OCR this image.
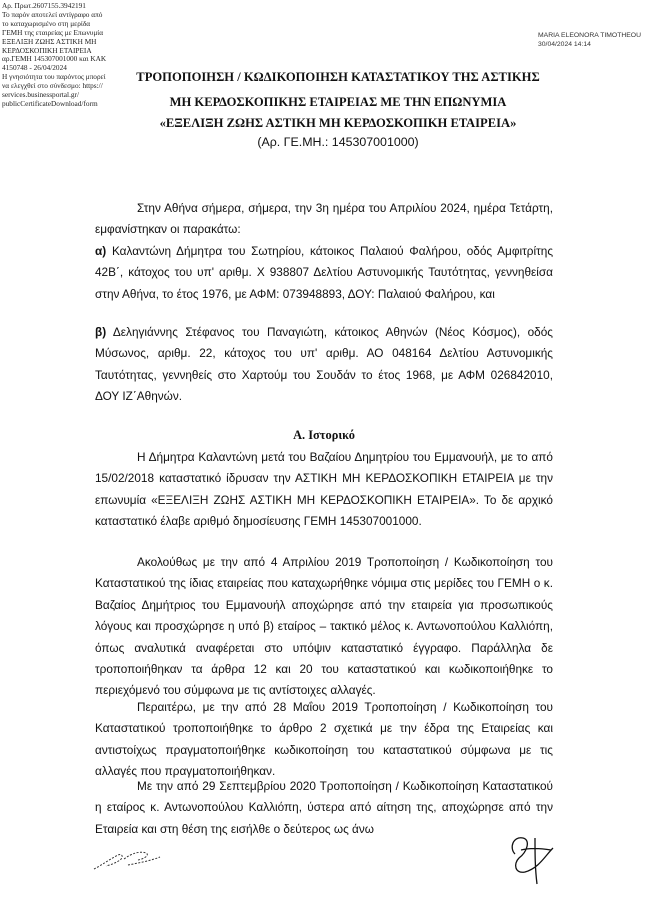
Αρ. Πρωτ.2607155.3942191
Το παρόν αποτελεί αντίγραφο από
το καταχωρισμένο στη μερίδα
ΓΕΜΗ της εταιρείας με Επωνυμία
ΕΞΕΛΙΞΗ ΖΩΗΣ ΑΣΤΙΚΗ ΜΗ
ΚΕΡΔΟΣΚΟΠΙΚΗ ΕΤΑΙΡΕΙΑ
αρ.ΓΕΜΗ 145307001000 και ΚΑΚ
4150748 - 26/04/2024
Η γνησιότητα του παρόντος μπορεί
να ελεγχθεί στο σύνδεσμο: https://
services.businessportal.gr/
publicCertificateDownload/form
MARIA ELEONORA TIMOTHEOU
30/04/2024 14:14
ΤΡΟΠΟΠΟΙΗΣΗ / ΚΩΔΙΚΟΠΟΙΗΣΗ ΚΑΤΑΣΤΑΤΙΚΟΥ ΤΗΣ ΑΣΤΙΚΗΣ
ΜΗ ΚΕΡΔΟΣΚΟΠΙΚΗΣ ΕΤΑΙΡΕΙΑΣ ΜΕ ΤΗΝ ΕΠΩΝΥΜΙΑ
«ΕΞΕΛΙΞΗ ΖΩΗΣ ΑΣΤΙΚΗ ΜΗ ΚΕΡΔΟΣΚΟΠΙΚΗ ΕΤΑΙΡΕΙΑ»
(Αρ. ΓΕ.ΜΗ.: 145307001000)
Στην Αθήνα σήμερα, σήμερα, την 3η ημέρα του Απριλίου 2024, ημέρα Τετάρτη, εμφανίστηκαν οι παρακάτω:
α) Καλαντώνη Δήμητρα του Σωτηρίου, κάτοικος Παλαιού Φαλήρου, οδός Αμφιτρίτης 42Β΄, κάτοχος του υπ' αριθμ. Χ 938807 Δελτίου Αστυνομικής Ταυτότητας, γεννηθείσα στην Αθήνα, το έτος 1976, με ΑΦΜ: 073948893, ΔΟΥ: Παλαιού Φαλήρου, και
β) Δεληγιάννης Στέφανος του Παναγιώτη, κάτοικος Αθηνών (Νέος Κόσμος), οδός Μύσωνος, αριθμ. 22, κάτοχος του υπ' αριθμ. ΑΟ 048164 Δελτίου Αστυνομικής Ταυτότητας, γεννηθείς στο Χαρτούμ του Σουδάν το έτος 1968, με ΑΦΜ 026842010, ΔΟΥ ΙΖ΄Αθηνών.
Α. Ιστορικό
Η Δήμητρα Καλαντώνη μετά του Βαζαίου Δημητρίου του Εμμανουήλ, με το από 15/02/2018 καταστατικό ίδρυσαν την ΑΣΤΙΚΗ ΜΗ ΚΕΡΔΟΣΚΟΠΙΚΗ ΕΤΑΙΡΕΙΑ με την επωνυμία «ΕΞΕΛΙΞΗ ΖΩΗΣ ΑΣΤΙΚΗ ΜΗ ΚΕΡΔΟΣΚΟΠΙΚΗ ΕΤΑΙΡΕΙΑ». Το δε αρχικό καταστατικό έλαβε αριθμό δημοσίευσης ΓΕΜΗ 145307001000.
Ακολούθως με την από 4 Απριλίου 2019 Τροποποίηση / Κωδικοποίηση του Καταστατικού της ίδιας εταιρείας που καταχωρήθηκε νόμιμα στις μερίδες του ΓΕΜΗ ο κ. Βαζαίος Δημήτριος του Εμμανουήλ αποχώρησε από την εταιρεία για προσωπικούς λόγους και προσχώρησε η υπό β) εταίρος – τακτικό μέλος κ. Αντωνοπούλου Καλλιόπη, όπως αναλυτικά αναφέρεται στο υπόψιν καταστατικό έγγραφο. Παράλληλα δε τροποποιήθηκαν τα άρθρα 12 και 20 του καταστατικού και κωδικοποιήθηκε το περιεχόμενό του σύμφωνα με τις αντίστοιχες αλλαγές.
Περαιτέρω, με την από 28 Μαΐου 2019 Τροποποίηση / Κωδικοποίηση του Καταστατικού τροποποιήθηκε το άρθρο 2 σχετικά με την έδρα της Εταιρείας και αντιστοίχως πραγματοποιήθηκε κωδικοποίηση του καταστατικού σύμφωνα με τις αλλαγές που πραγματοποιήθηκαν.
Με την από 29 Σεπτεμβρίου 2020 Τροποποίηση / Κωδικοποίηση Καταστατικού η εταίρος κ. Αντωνοπούλου Καλλιόπη, ύστερα από αίτηση της, αποχώρησε από την Εταιρεία και στη θέση της εισήλθε ο δεύτερος ως άνω
